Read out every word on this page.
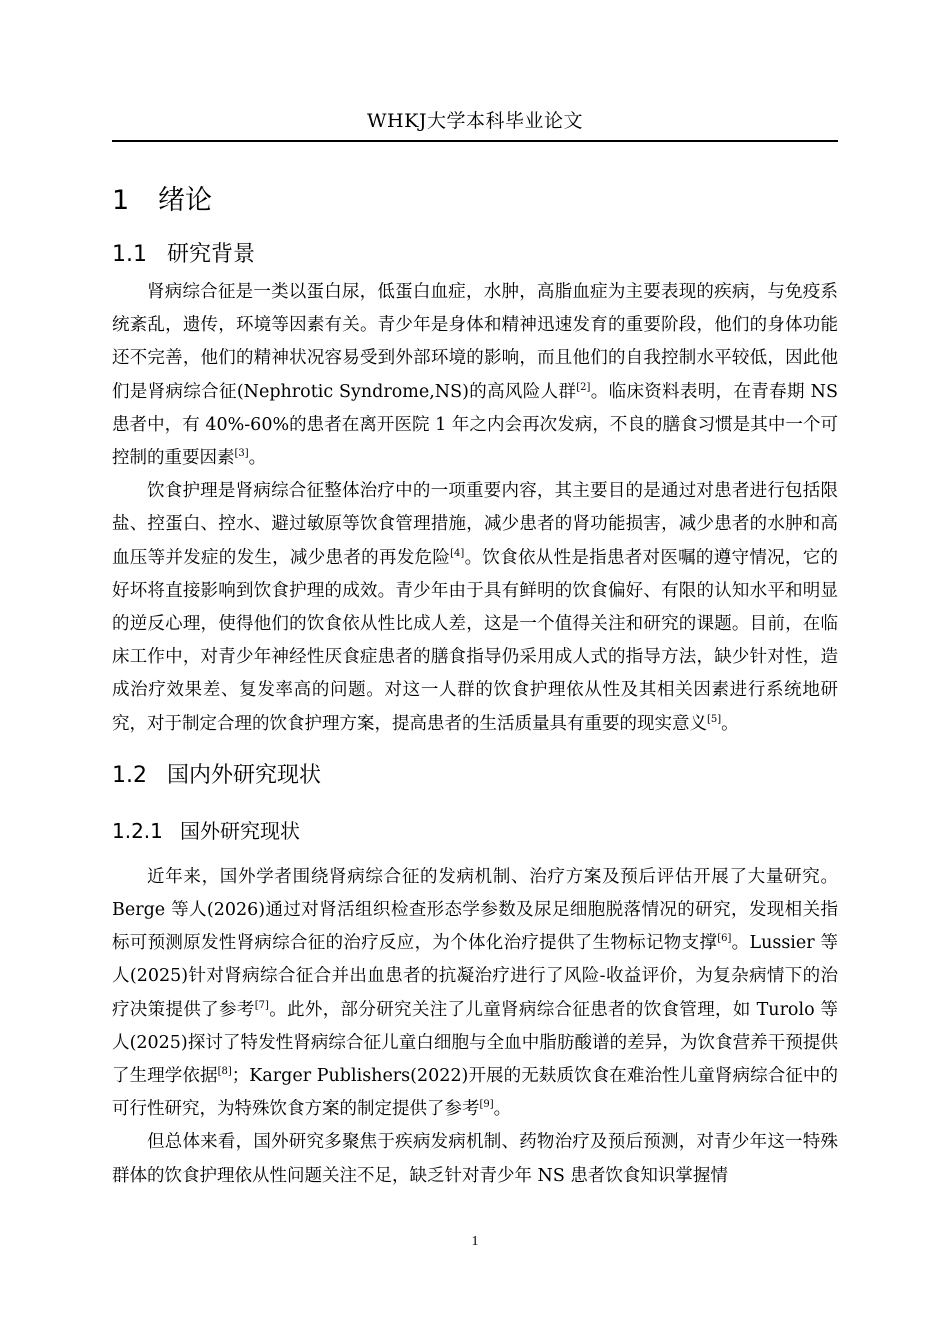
WHKJ大学本科毕业论文
1 绪论
1.1 研究背景

肾病综合征是一类以蛋白尿，低蛋白血症，水肿，高脂血症为主要表现的疾病，与免疫系统紊乱，遗传，环境等因素有关。青少年是身体和精神迅速发育的重要阶段，他们的身体功能还不完善，他们的精神状况容易受到外部环境的影响，而且他们的自我控制水平较低，因此他们是肾病综合征(Nephrotic Syndrome,NS)的高风险人群[2]。临床资料表明，在青春期 NS 患者中，有 40%-60%的患者在离开医院 1 年之内会再次发病，不良的膳食习惯是其中一个可控制的重要因素[3]。

饮食护理是肾病综合征整体治疗中的一项重要内容，其主要目的是通过对患者进行包括限盐、控蛋白、控水、避过敏原等饮食管理措施，减少患者的肾功能损害，减少患者的水肿和高血压等并发症的发生，减少患者的再发危险[4]。饮食依从性是指患者对医嘱的遵守情况，它的好坏将直接影响到饮食护理的成效。青少年由于具有鲜明的饮食偏好、有限的认知水平和明显的逆反心理，使得他们的饮食依从性比成人差，这是一个值得关注和研究的课题。目前，在临床工作中，对青少年神经性厌食症患者的膳食指导仍采用成人式的指导方法，缺少针对性，造成治疗效果差、复发率高的问题。对这一人群的饮食护理依从性及其相关因素进行系统地研究，对于制定合理的饮食护理方案，提高患者的生活质量具有重要的现实意义[5]。

1.2 国内外研究现状
1.2.1 国外研究现状

近年来，国外学者围绕肾病综合征的发病机制、治疗方案及预后评估开展了大量研究。Berge 等人(2026)通过对肾活组织检查形态学参数及尿足细胞脱落情况的研究，发现相关指标可预测原发性肾病综合征的治疗反应，为个体化治疗提供了生物标记物支撑[6]。Lussier 等人(2025)针对肾病综合征合并出血患者的抗凝治疗进行了风险-收益评价，为复杂病情下的治疗决策提供了参考[7]。此外，部分研究关注了儿童肾病综合征患者的饮食管理，如 Turolo 等人(2025)探讨了特发性肾病综合征儿童白细胞与全血中脂肪酸谱的差异，为饮食营养干预提供了生理学依据[8]；Karger Publishers(2022)开展的无麸质饮食在难治性儿童肾病综合征中的可行性研究，为特殊饮食方案的制定提供了参考[9]。

但总体来看，国外研究多聚焦于疾病发病机制、药物治疗及预后预测，对青少年这一特殊群体的饮食护理依从性问题关注不足，缺乏针对青少年 NS 患者饮食知识掌握情

1
